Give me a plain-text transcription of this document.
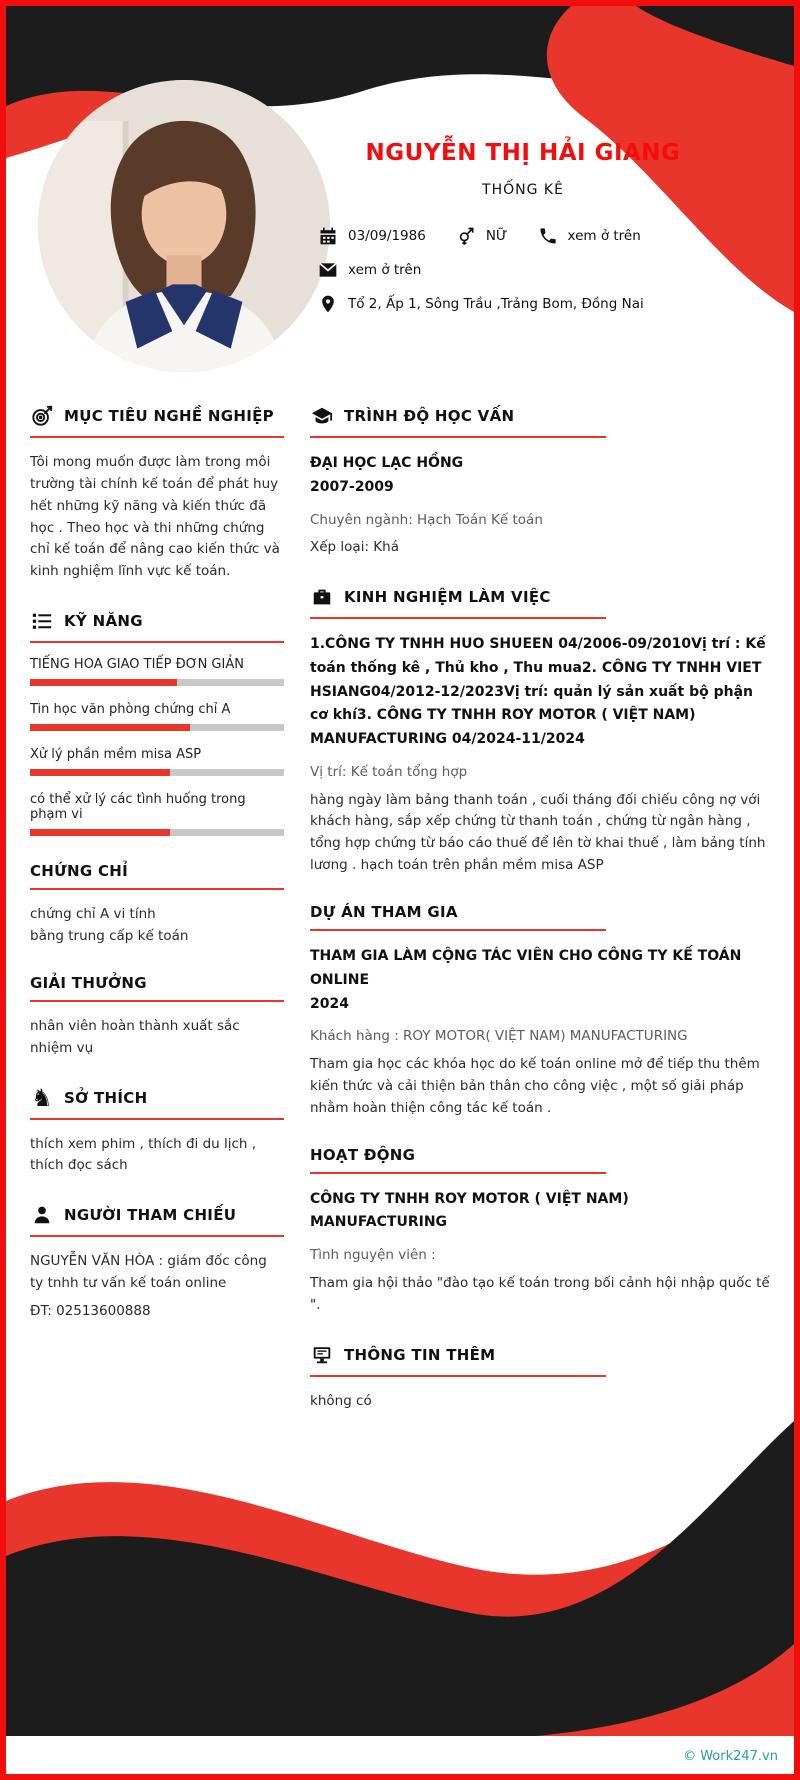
NGUYỄN THỊ HẢI GIANG
THỐNG KÊ
03/09/1986	NỮ	xem ở trên
xem ở trên
Tổ 2, Ấp 1, Sông Trầu ,Trảng Bom, Đồng Nai
MỤC TIÊU NGHỀ NGHIỆP
Tôi mong muốn được làm trong môi trường tài chính kế toán để phát huy hết những kỹ năng và kiến thức đã học . Theo học và thi những chứng chỉ kế toán để nâng cao kiến thức và kinh nghiệm lĩnh vực kế toán.
KỸ NĂNG
TIẾNG HOA GIAO TIẾP ĐƠN GIẢN
Tin học văn phòng chứng chỉ A
Xử lý phần mềm misa ASP
có thể xử lý các tình huống trong phạm vi
CHỨNG CHỈ
chứng chỉ A vi tính
bằng trung cấp kế toán
GIẢI THƯỞNG
nhân viên hoàn thành xuất sắc nhiệm vụ
♞ SỞ THÍCH
thích xem phim , thích đi du lịch , thích đọc sách
NGƯỜI THAM CHIẾU
NGUYỄN VĂN HÒA : giám đốc công ty tnhh tư vấn kế toán online
ĐT: 02513600888
TRÌNH ĐỘ HỌC VẤN
ĐẠI HỌC LẠC HỒNG
2007-2009
Chuyên ngành: Hạch Toán Kế toán
Xếp loại: Khá
KINH NGHIỆM LÀM VIỆC
1.CÔNG TY TNHH HUO SHUEEN 04/2006-09/2010Vị trí : Kế toán thống kê , Thủ kho , Thu mua2. CÔNG TY TNHH VIET HSIANG04/2012-12/2023Vị trí: quản lý sản xuất bộ phận cơ khí3. CÔNG TY TNHH ROY MOTOR ( VIỆT NAM) MANUFACTURING 04/2024-11/2024
Vị trí: Kế toán tổng hợp
hàng ngày làm bảng thanh toán , cuối tháng đối chiếu công nợ với khách hàng, sắp xếp chứng từ thanh toán , chứng từ ngân hàng , tổng hợp chứng từ báo cáo thuế để lên tờ khai thuế , làm bảng tính lương . hạch toán trên phần mềm misa ASP
DỰ ÁN THAM GIA
THAM GIA LÀM CỘNG TÁC VIÊN CHO CÔNG TY KẾ TOÁN ONLINE
2024
Khách hàng : ROY MOTOR( VIỆT NAM) MANUFACTURING
Tham gia học các khóa học do kế toán online mở để tiếp thu thêm kiến thức và cải thiện bản thân cho công việc , một số giải pháp nhằm hoàn thiện công tác kế toán .
HOẠT ĐỘNG
CÔNG TY TNHH ROY MOTOR ( VIỆT NAM) MANUFACTURING
Tình nguyện viên :
Tham gia hội thảo "đào tạo kế toán trong bối cảnh hội nhập quốc tế ".
THÔNG TIN THÊM
không có
© Work247.vn
